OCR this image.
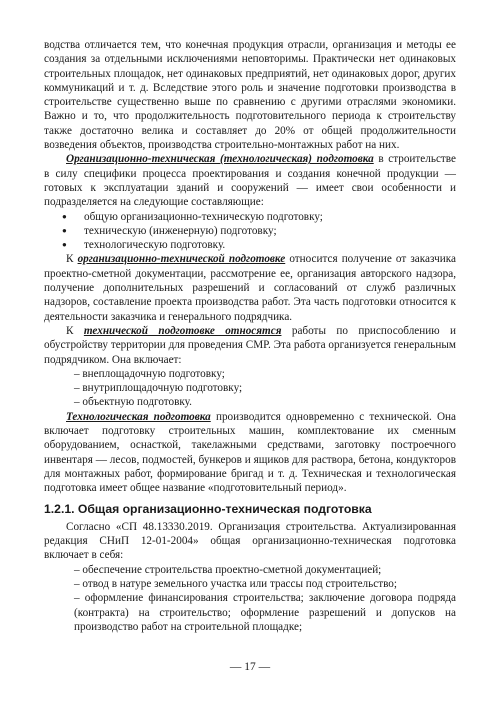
водства отличается тем, что конечная продукция отрасли, организация и методы ее создания за отдельными исключениями неповторимы. Практически нет одинаковых строительных площадок, нет одинаковых предприятий, нет одинаковых дорог, других коммуникаций и т. д. Вследствие этого роль и значение подготовки производства в строительстве существенно выше по сравнению с другими отраслями экономики. Важно и то, что продолжительность подготовительного периода к строительству также достаточно велика и составляет до 20% от общей продолжительности возведения объектов, производства строительно-монтажных работ на них.

Организационно-техническая (технологическая) подготовка в строительстве в силу специфики процесса проектирования и создания конечной продукции — готовых к эксплуатации зданий и сооружений — имеет свои особенности и подразделяется на следующие составляющие:

● общую организационно-техническую подготовку;
● техническую (инженерную) подготовку;
● технологическую подготовку.

К организационно-технической подготовке относится получение от заказчика проектно-сметной документации, рассмотрение ее, организация авторского надзора, получение дополнительных разрешений и согласований от служб различных надзоров, составление проекта производства работ. Эта часть подготовки относится к деятельности заказчика и генерального подрядчика.

К технической подготовке относятся работы по приспособлению и обустройству территории для проведения СМР. Эта работа организуется генеральным подрядчиком. Она включает:

– внеплощадочную подготовку;

– внутриплощадочную подготовку;

– объектную подготовку.

Технологическая подготовка производится одновременно с технической. Она включает подготовку строительных машин, комплектование их сменным оборудованием, оснасткой, такелажными средствами, заготовку построечного инвентаря — лесов, подмостей, бункеров и ящиков для раствора, бетона, кондукторов для монтажных работ, формирование бригад и т. д. Техническая и технологическая подготовка имеет общее название «подготовительный период».

1.2.1. Общая организационно-техническая подготовка

Согласно «СП 48.13330.2019. Организация строительства. Актуализированная редакция СНиП 12-01-2004» общая организационно-техническая подготовка включает в себя:

– обеспечение строительства проектно-сметной документацией;

– отвод в натуре земельного участка или трассы под строительство;

– оформление финансирования строительства; заключение договора подряда (контракта) на строительство; оформление разрешений и допусков на производство работ на строительной площадке;

— 17 —
